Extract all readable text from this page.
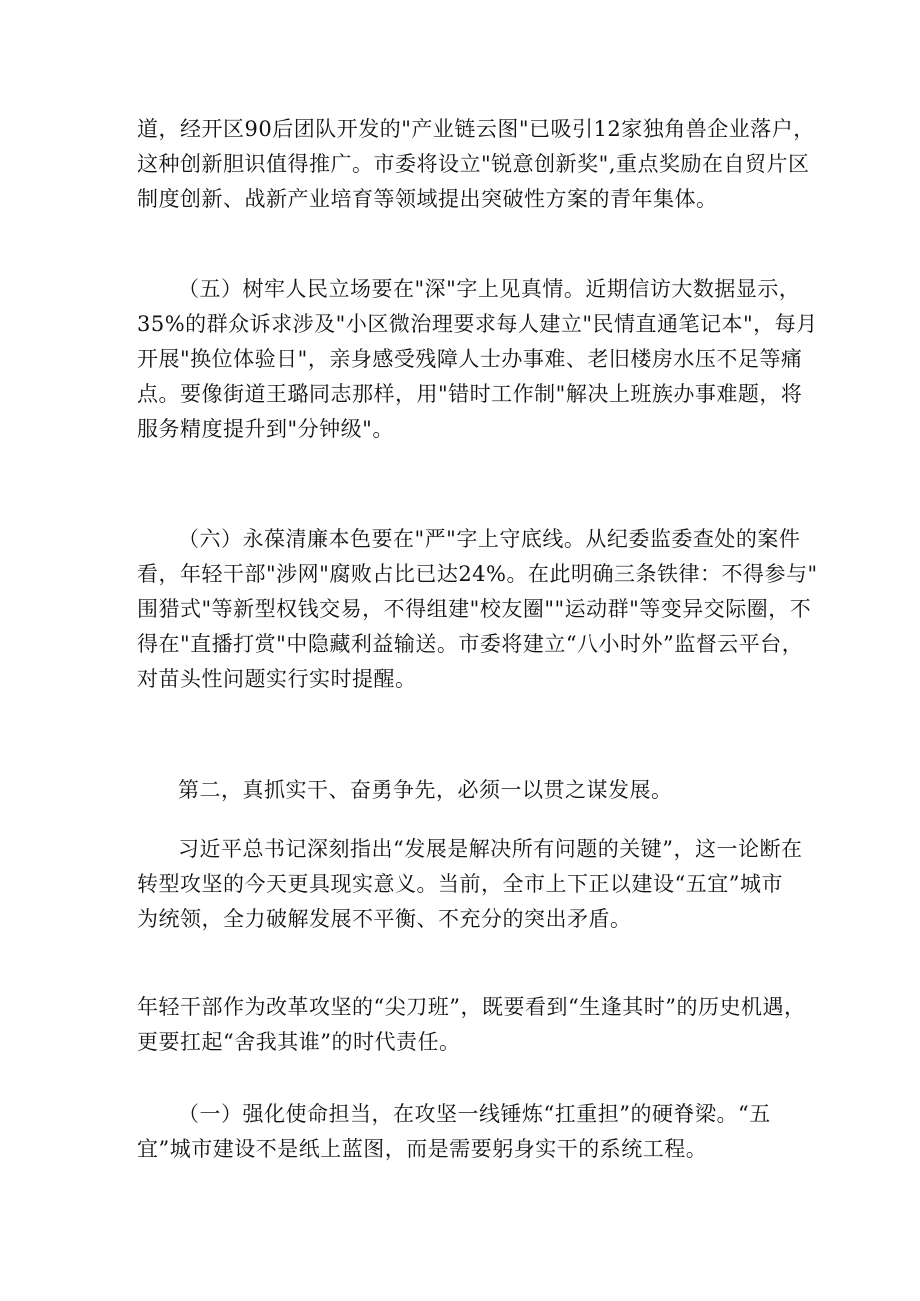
道，经开区90后团队开发的"产业链云图"已吸引12家独角兽企业落户，
这种创新胆识值得推广。市委将设立"锐意创新奖",重点奖励在自贸片区
制度创新、战新产业培育等领域提出突破性方案的青年集体。
（五）树牢人民立场要在"深"字上见真情。近期信访大数据显示，
35%的群众诉求涉及"小区微治理要求每人建立"民情直通笔记本"，每月
开展"换位体验日"，亲身感受残障人士办事难、老旧楼房水压不足等痛
点。要像街道王璐同志那样，用"错时工作制"解决上班族办事难题，将
服务精度提升到"分钟级"。
（六）永葆清廉本色要在"严"字上守底线。从纪委监委查处的案件
看，年轻干部"涉网"腐败占比已达24%。在此明确三条铁律：不得参与"
围猎式"等新型权钱交易，不得组建"校友圈""运动群"等变异交际圈，不
得在"直播打赏"中隐藏利益输送。市委将建立“八小时外”监督云平台，
对苗头性问题实行实时提醒。
第二，真抓实干、奋勇争先，必须一以贯之谋发展。
习近平总书记深刻指出“发展是解决所有问题的关键”，这一论断在
转型攻坚的今天更具现实意义。当前，全市上下正以建设“五宜”城市
为统领，全力破解发展不平衡、不充分的突出矛盾。
年轻干部作为改革攻坚的“尖刀班”，既要看到“生逢其时”的历史机遇，
更要扛起“舍我其谁”的时代责任。
（一）强化使命担当，在攻坚一线锤炼“扛重担”的硬脊梁。“五
宜”城市建设不是纸上蓝图，而是需要躬身实干的系统工程。
